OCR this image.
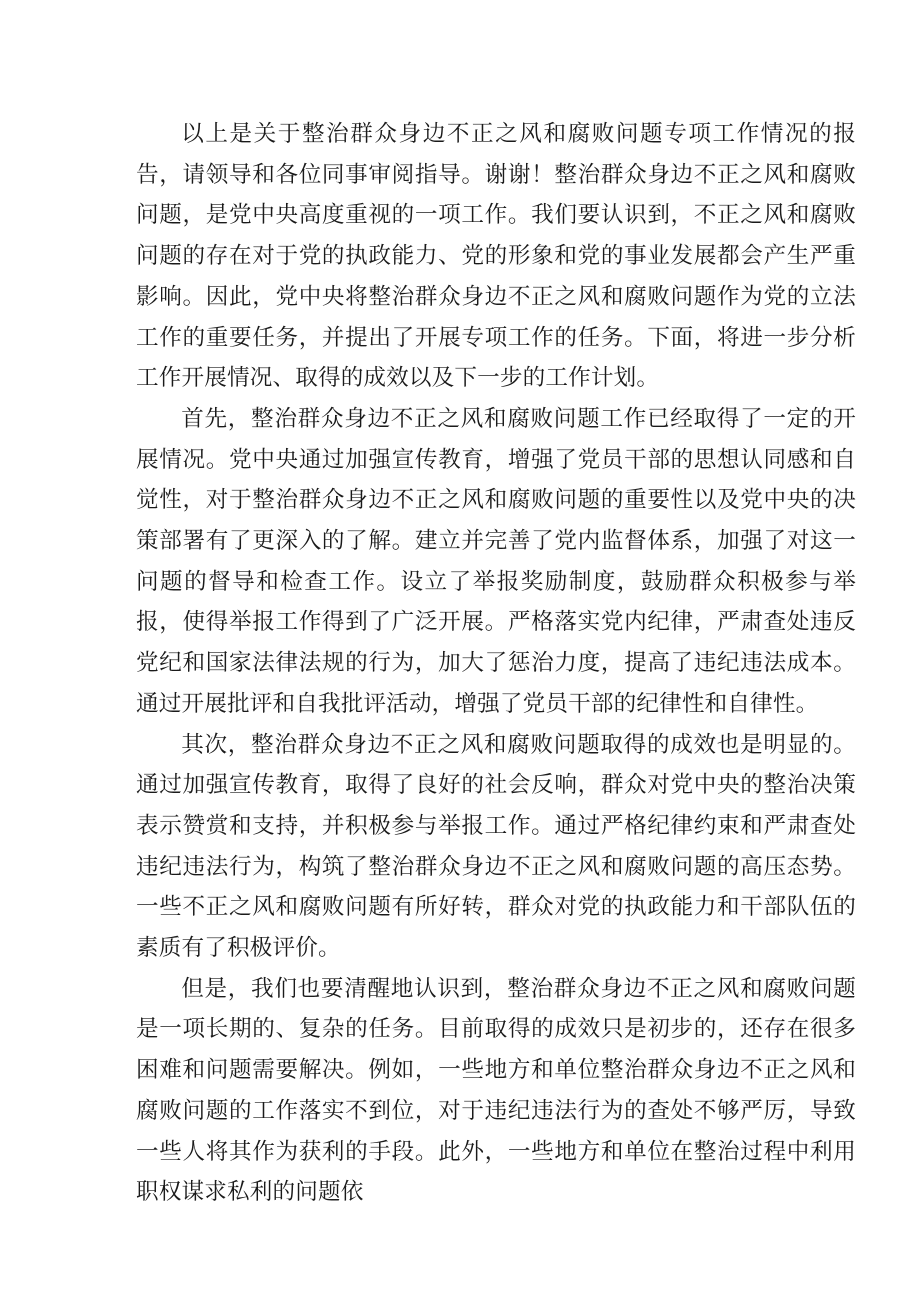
以上是关于整治群众身边不正之风和腐败问题专项工作情况的报告，请领导和各位同事审阅指导。谢谢！整治群众身边不正之风和腐败问题，是党中央高度重视的一项工作。我们要认识到，不正之风和腐败问题的存在对于党的执政能力、党的形象和党的事业发展都会产生严重影响。因此，党中央将整治群众身边不正之风和腐败问题作为党的立法工作的重要任务，并提出了开展专项工作的任务。下面，将进一步分析工作开展情况、取得的成效以及下一步的工作计划。

首先，整治群众身边不正之风和腐败问题工作已经取得了一定的开展情况。党中央通过加强宣传教育，增强了党员干部的思想认同感和自觉性，对于整治群众身边不正之风和腐败问题的重要性以及党中央的决策部署有了更深入的了解。建立并完善了党内监督体系，加强了对这一问题的督导和检查工作。设立了举报奖励制度，鼓励群众积极参与举报，使得举报工作得到了广泛开展。严格落实党内纪律，严肃查处违反党纪和国家法律法规的行为，加大了惩治力度，提高了违纪违法成本。通过开展批评和自我批评活动，增强了党员干部的纪律性和自律性。

其次，整治群众身边不正之风和腐败问题取得的成效也是明显的。通过加强宣传教育，取得了良好的社会反响，群众对党中央的整治决策表示赞赏和支持，并积极参与举报工作。通过严格纪律约束和严肃查处违纪违法行为，构筑了整治群众身边不正之风和腐败问题的高压态势。一些不正之风和腐败问题有所好转，群众对党的执政能力和干部队伍的素质有了积极评价。

但是，我们也要清醒地认识到，整治群众身边不正之风和腐败问题是一项长期的、复杂的任务。目前取得的成效只是初步的，还存在很多困难和问题需要解决。例如，一些地方和单位整治群众身边不正之风和腐败问题的工作落实不到位，对于违纪违法行为的查处不够严厉，导致一些人将其作为获利的手段。此外，一些地方和单位在整治过程中利用职权谋求私利的问题依
